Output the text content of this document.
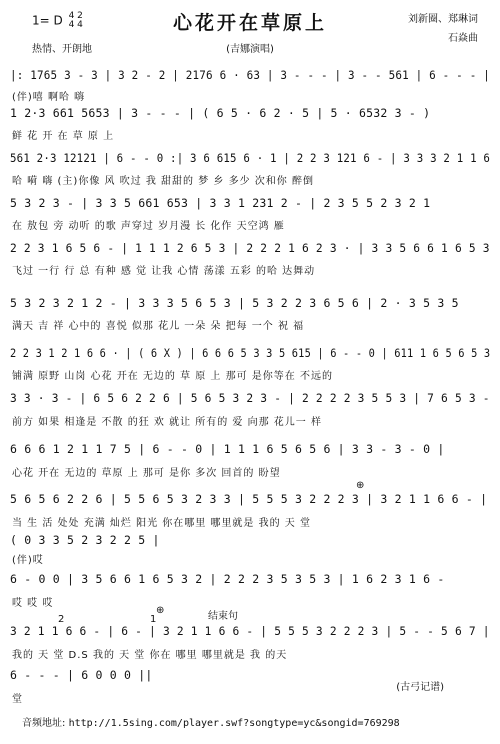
1= D 4 2
4 4	心花开在草原上	刘新圈、郑琳词
石焱曲
热情、开朗地	(吉娜演唱)
|: 1765 3 - 3 | 3 2 - 2 | 2176 6 · 63 | 3 - - - | 3 - - 561 | 6 - - - |
(伴)嘻 啊哈 嗨
1 2·3 661 5653 | 3 - - - | ( 6 5 · 6 2 · 5 | 5 · 6532 3 - )
鲜 花 开 在 草 原 上
561 2·3 12121 | 6 - - 0 :| 3 6 615 6 · 1 | 2 2 3 121 6 - | 3 3 3 2 1 1 6
哈 嗬 嗨 (主)你像 风 吹过 我 甜甜的 梦 乡 多少 次和你 醉倒
5 3 2 3 - | 3 3 5 661 653 | 3 3 1 231 2 - | 2 3 5 5 2 3 2 1
在 敖包 旁 动听 的歌 声穿过 岁月漫 长 化作 天空鸿 雁
2 2 3 1 6 5 6 - | 1 1 1 2 6 5 3 | 2 2 2 1 6 2 3 · | 3 3 5 6 6 1 6 5 3
飞过 一行 行 总 有种 感 觉 让我 心情 荡漾 五彩 的哈 达舞动
5 3 2 3 2 1 2 - | 3 3 3 5 6 5 3 | 5 3 2 2 3 6 5 6 | 2 · 3 5 3 5
满天 吉 祥 心中的 喜悦 似那 花儿 一朵 朵 把每 一个 祝 福
2 2 3 1 2 1 6 6 · | ( 6 X ) | 6 6 6 5 3 3 5 615 | 6 - - 0 | 611 1 6 5 6 5 3
铺满 原野 山岗 心花 开在 无边的 草 原 上 那可 是你等在 不远的
3 3 · 3 - | 6 5 6 2 2 6 | 5 6 5 3 2 3 - | 2 2 2 2 3 5 5 3 | 7 6 5 3 -
前方 如果 相逢是 不散 的狂 欢 就让 所有的 爱 向那 花儿一 样
6 6 6 1 2 1 1 7 5 | 6 - - 0 | 1 1 1 6 5 6 5 6 | 3 3 - 3 - 0 |
心花 开在 无边的 草原 上 那可 是你 多次 回首的 盼望
5 6 5 6 2 2 6 | 5 5 6 5 3 2 3 3 | 5 5 5 3 2 2 2 3 | 3 2 1 1 6 6 - |
当 生 活 处处 充满 灿烂 阳光 你在哪里 哪里就是 我的 天 堂
( 0 3 3 5 2 3 2 2 5 |
(伴)哎
6 - 0 0 | 3 5 6 6 1 6 5 3 2 | 2 2 2 3 5 3 5 3 | 1 6 2 3 1 6 -
哎 哎 哎
3 2 1 1 6 6 - | 6 - | 3 2 1 1 6 6 - | 5 5 5 3 2 2 2 3 | 5 - - 5 6 7 |
我的 天 堂 D.S 我的 天 堂 你在 哪里 哪里就是 我 的天
6 - - - | 6 0 0 0 ||
堂
结束句
2	1
⊕
⊕
(古弓记谱)
音频地址: http://1.5sing.com/player.swf?songtype=yc&songid=769298
